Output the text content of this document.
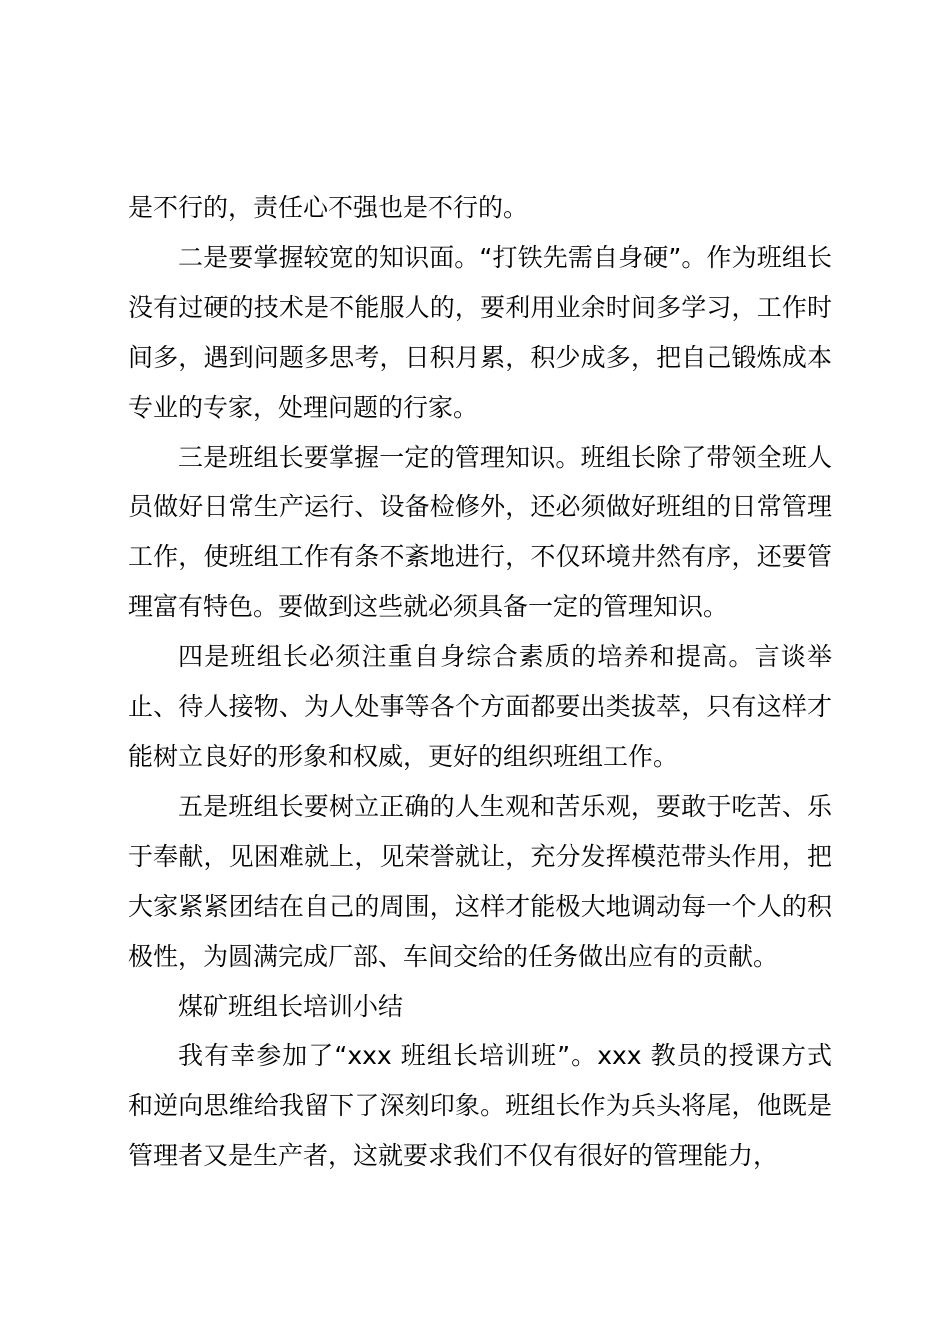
是不行的，责任心不强也是不行的。

二是要掌握较宽的知识面。“打铁先需自身硬”。作为班组长没有过硬的技术是不能服人的，要利用业余时间多学习，工作时间多，遇到问题多思考，日积月累，积少成多，把自己锻炼成本专业的专家，处理问题的行家。

三是班组长要掌握一定的管理知识。班组长除了带领全班人员做好日常生产运行、设备检修外，还必须做好班组的日常管理工作，使班组工作有条不紊地进行，不仅环境井然有序，还要管理富有特色。要做到这些就必须具备一定的管理知识。

四是班组长必须注重自身综合素质的培养和提高。言谈举止、待人接物、为人处事等各个方面都要出类拔萃，只有这样才能树立良好的形象和权威，更好的组织班组工作。

五是班组长要树立正确的人生观和苦乐观，要敢于吃苦、乐于奉献，见困难就上，见荣誉就让，充分发挥模范带头作用，把大家紧紧团结在自己的周围，这样才能极大地调动每一个人的积极性，为圆满完成厂部、车间交给的任务做出应有的贡献。

煤矿班组长培训小结

我有幸参加了“xxx 班组长培训班”。xxx 教员的授课方式和逆向思维给我留下了深刻印象。班组长作为兵头将尾，他既是管理者又是生产者，这就要求我们不仅有很好的管理能力，
